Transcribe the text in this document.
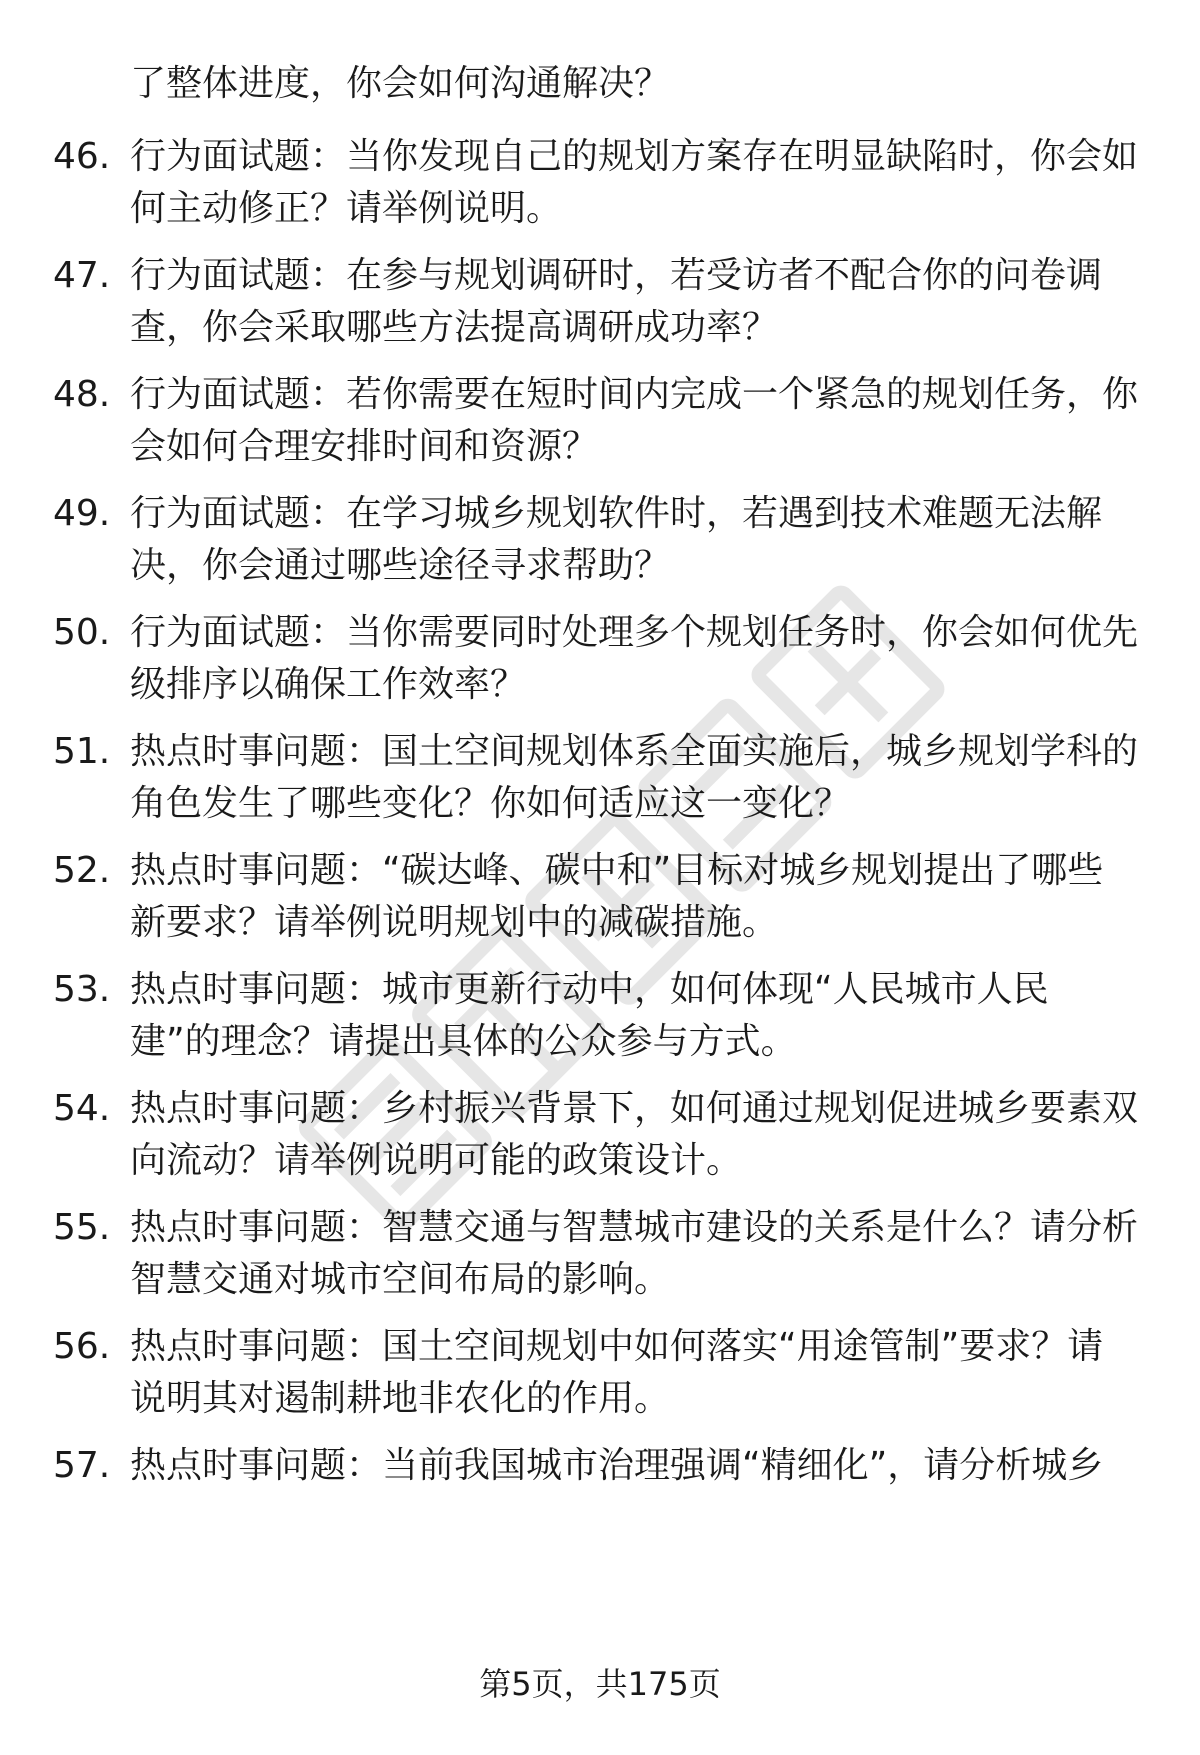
了整体进度，你会如何沟通解决？
46. 行为面试题：当你发现自己的规划方案存在明显缺陷时，你会如
何主动修正？请举例说明。
47. 行为面试题：在参与规划调研时，若受访者不配合你的问卷调
查，你会采取哪些方法提高调研成功率？
48. 行为面试题：若你需要在短时间内完成一个紧急的规划任务，你
会如何合理安排时间和资源？
49. 行为面试题：在学习城乡规划软件时，若遇到技术难题无法解
决，你会通过哪些途径寻求帮助？
50. 行为面试题：当你需要同时处理多个规划任务时，你会如何优先
级排序以确保工作效率？
51. 热点时事问题：国土空间规划体系全面实施后，城乡规划学科的
角色发生了哪些变化？你如何适应这一变化？
52. 热点时事问题：“碳达峰、碳中和”目标对城乡规划提出了哪些
新要求？请举例说明规划中的减碳措施。
53. 热点时事问题：城市更新行动中，如何体现“人民城市人民
建”的理念？请提出具体的公众参与方式。
54. 热点时事问题：乡村振兴背景下，如何通过规划促进城乡要素双
向流动？请举例说明可能的政策设计。
55. 热点时事问题：智慧交通与智慧城市建设的关系是什么？请分析
智慧交通对城市空间布局的影响。
56. 热点时事问题：国土空间规划中如何落实“用途管制”要求？请
说明其对遏制耕地非农化的作用。
57. 热点时事问题：当前我国城市治理强调“精细化”，请分析城乡
第5页，共175页
